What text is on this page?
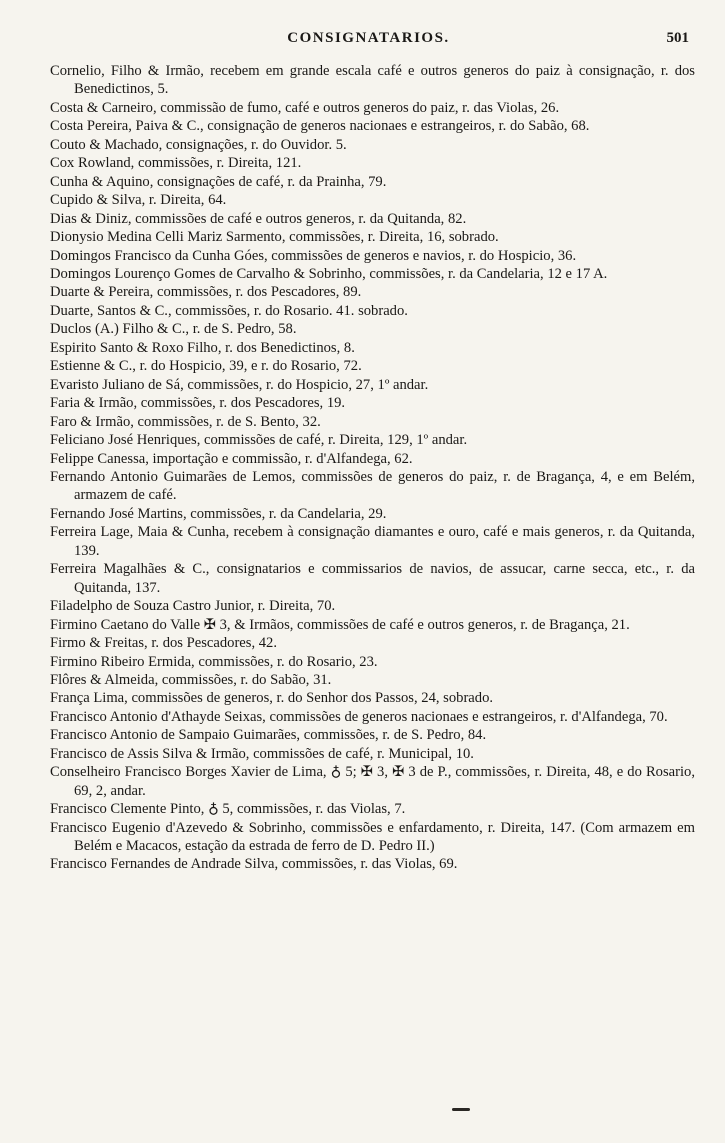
CONSIGNATARIOS.	501

Cornelio, Filho & Irmão, recebem em grande escala café e outros generos do paiz à consignação, r. dos Benedictinos, 5.

Costa & Carneiro, commissão de fumo, café e outros generos do paiz, r. das Violas, 26.

Costa Pereira, Paiva & C., consignação de generos nacionaes e estrangeiros, r. do Sabão, 68.

Couto & Machado, consignações, r. do Ouvidor. 5.

Cox Rowland, commissões, r. Direita, 121.

Cunha & Aquino, consignações de café, r. da Prainha, 79.

Cupido & Silva, r. Direita, 64.

Dias & Diniz, commissões de café e outros generos, r. da Quitanda, 82.

Dionysio Medina Celli Mariz Sarmento, commissões, r. Direita, 16, sobrado.

Domingos Francisco da Cunha Góes, commissões de generos e navios, r. do Hospicio, 36.

Domingos Lourenço Gomes de Carvalho & Sobrinho, commissões, r. da Candelaria, 12 e 17 A.

Duarte & Pereira, commissões, r. dos Pescadores, 89.

Duarte, Santos & C., commissões, r. do Rosario. 41. sobrado.

Duclos (A.) Filho & C., r. de S. Pedro, 58.

Espirito Santo & Roxo Filho, r. dos Benedictinos, 8.

Estienne & C., r. do Hospicio, 39, e r. do Rosario, 72.

Evaristo Juliano de Sá, commissões, r. do Hospicio, 27, 1º andar.

Faria & Irmão, commissões, r. dos Pescadores, 19.

Faro & Irmão, commissões, r. de S. Bento, 32.

Feliciano José Henriques, commissões de café, r. Direita, 129, 1º andar.

Felippe Canessa, importação e commissão, r. d'Alfandega, 62.

Fernando Antonio Guimarães de Lemos, commissões de generos do paiz, r. de Bragança, 4, e em Belém, armazem de café.

Fernando José Martins, commissões, r. da Candelaria, 29.

Ferreira Lage, Maia & Cunha, recebem à consignação diamantes e ouro, café e mais generos, r. da Quitanda, 139.

Ferreira Magalhães & C., consignatarios e commissarios de navios, de assucar, carne secca, etc., r. da Quitanda, 137.

Filadelpho de Souza Castro Junior, r. Direita, 70.

Firmino Caetano do Valle ✠ 3, & Irmãos, commissões de café e outros generos, r. de Bragança, 21.

Firmo & Freitas, r. dos Pescadores, 42.

Firmino Ribeiro Ermida, commissões, r. do Rosario, 23.

Flôres & Almeida, commissões, r. do Sabão, 31.

França Lima, commissões de generos, r. do Senhor dos Passos, 24, sobrado.

Francisco Antonio d'Athayde Seixas, commissões de generos nacionaes e estrangeiros, r. d'Alfandega, 70.

Francisco Antonio de Sampaio Guimarães, commissões, r. de S. Pedro, 84.

Francisco de Assis Silva & Irmão, commissões de café, r. Municipal, 10.

Conselheiro Francisco Borges Xavier de Lima, ♁ 5; ✠ 3, ✠ 3 de P., commissões, r. Direita, 48, e do Rosario, 69, 2, andar.

Francisco Clemente Pinto, ♁ 5, commissões, r. das Violas, 7.

Francisco Eugenio d'Azevedo & Sobrinho, commissões e enfardamento, r. Direita, 147. (Com armazem em Belém e Macacos, estação da estrada de ferro de D. Pedro II.)

Francisco Fernandes de Andrade Silva, commissões, r. das Violas, 69.
